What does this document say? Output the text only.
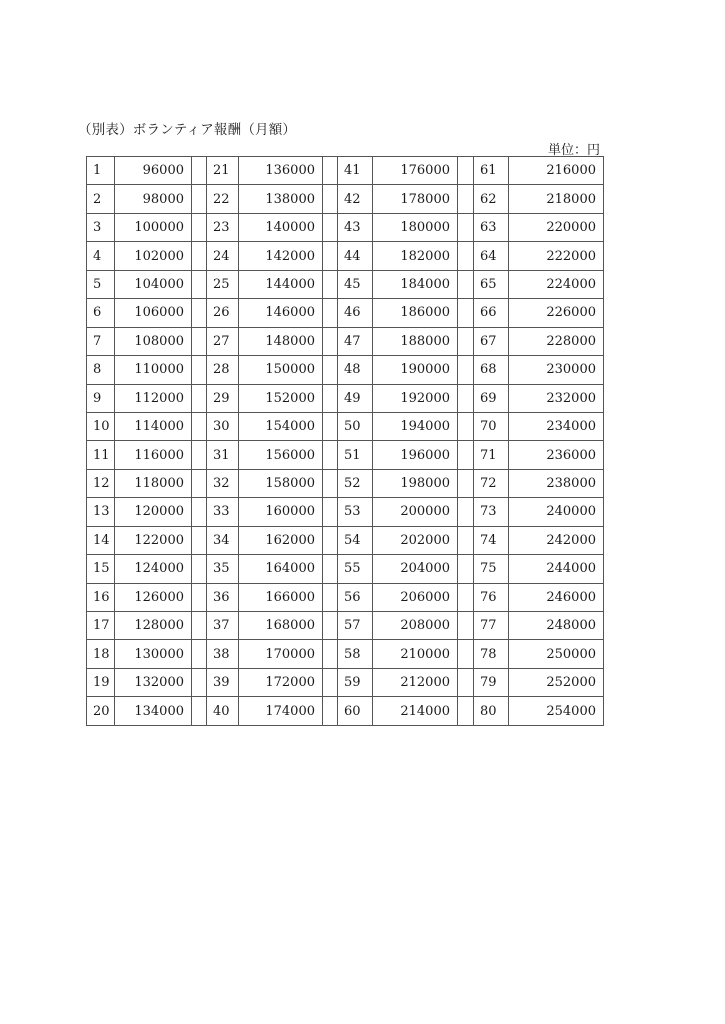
（別表）ボランティア報酬（月額）
単位：円
1	96000		21	136000		41	176000		61	216000
2	98000		22	138000		42	178000		62	218000
3	100000		23	140000		43	180000		63	220000
4	102000		24	142000		44	182000		64	222000
5	104000		25	144000		45	184000		65	224000
6	106000		26	146000		46	186000		66	226000
7	108000		27	148000		47	188000		67	228000
8	110000		28	150000		48	190000		68	230000
9	112000		29	152000		49	192000		69	232000
10	114000		30	154000		50	194000		70	234000
11	116000		31	156000		51	196000		71	236000
12	118000		32	158000		52	198000		72	238000
13	120000		33	160000		53	200000		73	240000
14	122000		34	162000		54	202000		74	242000
15	124000		35	164000		55	204000		75	244000
16	126000		36	166000		56	206000		76	246000
17	128000		37	168000		57	208000		77	248000
18	130000		38	170000		58	210000		78	250000
19	132000		39	172000		59	212000		79	252000
20	134000		40	174000		60	214000		80	254000
